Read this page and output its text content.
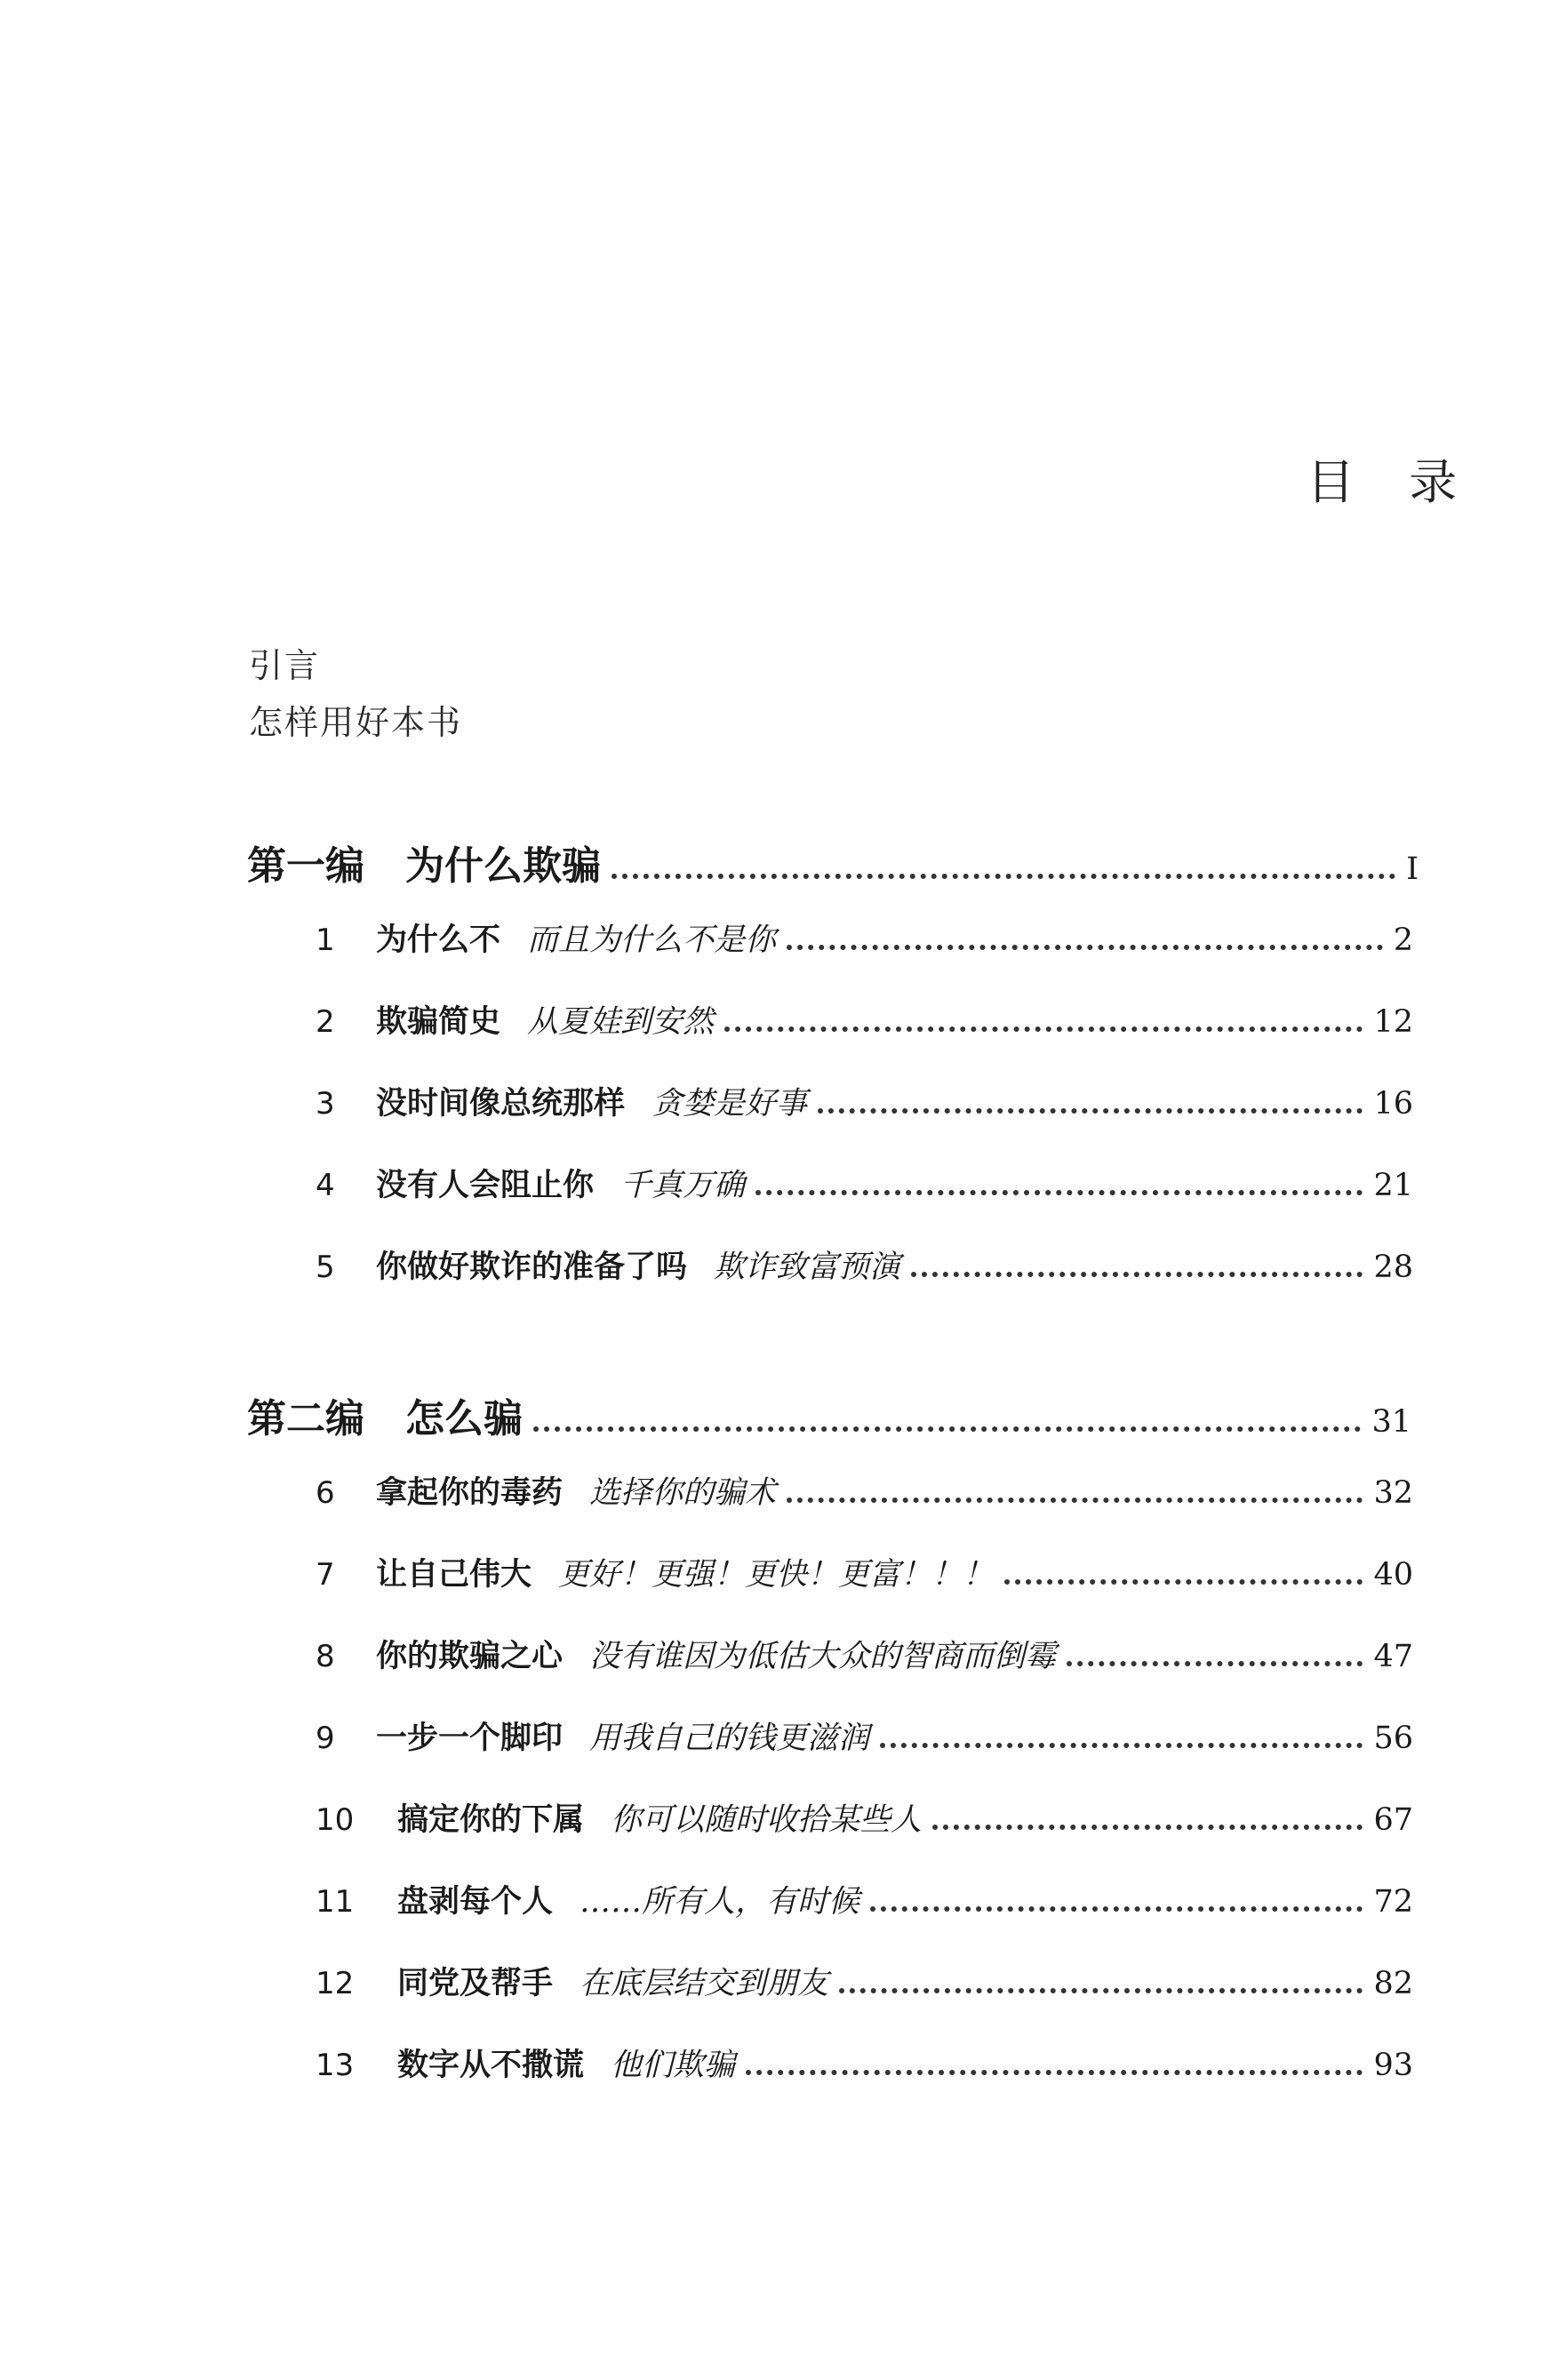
目 录
引言
怎样用好本书
第一编 为什么欺骗	I
1	为什么不 而且为什么不是你	2
2	欺骗简史 从夏娃到安然	12
3	没时间像总统那样 贪婪是好事	16
4	没有人会阻止你 千真万确	21
5	你做好欺诈的准备了吗 欺诈致富预演	28
第二编 怎么骗	31
6	拿起你的毒药 选择你的骗术	32
7	让自己伟大 更好！更强！更快！更富！！！	40
8	你的欺骗之心 没有谁因为低估大众的智商而倒霉	47
9	一步一个脚印 用我自己的钱更滋润	56
10	搞定你的下属 你可以随时收拾某些人	67
11	盘剥每个人 ……所有人，有时候	72
12	同党及帮手 在底层结交到朋友	82
13	数字从不撒谎 他们欺骗	93
